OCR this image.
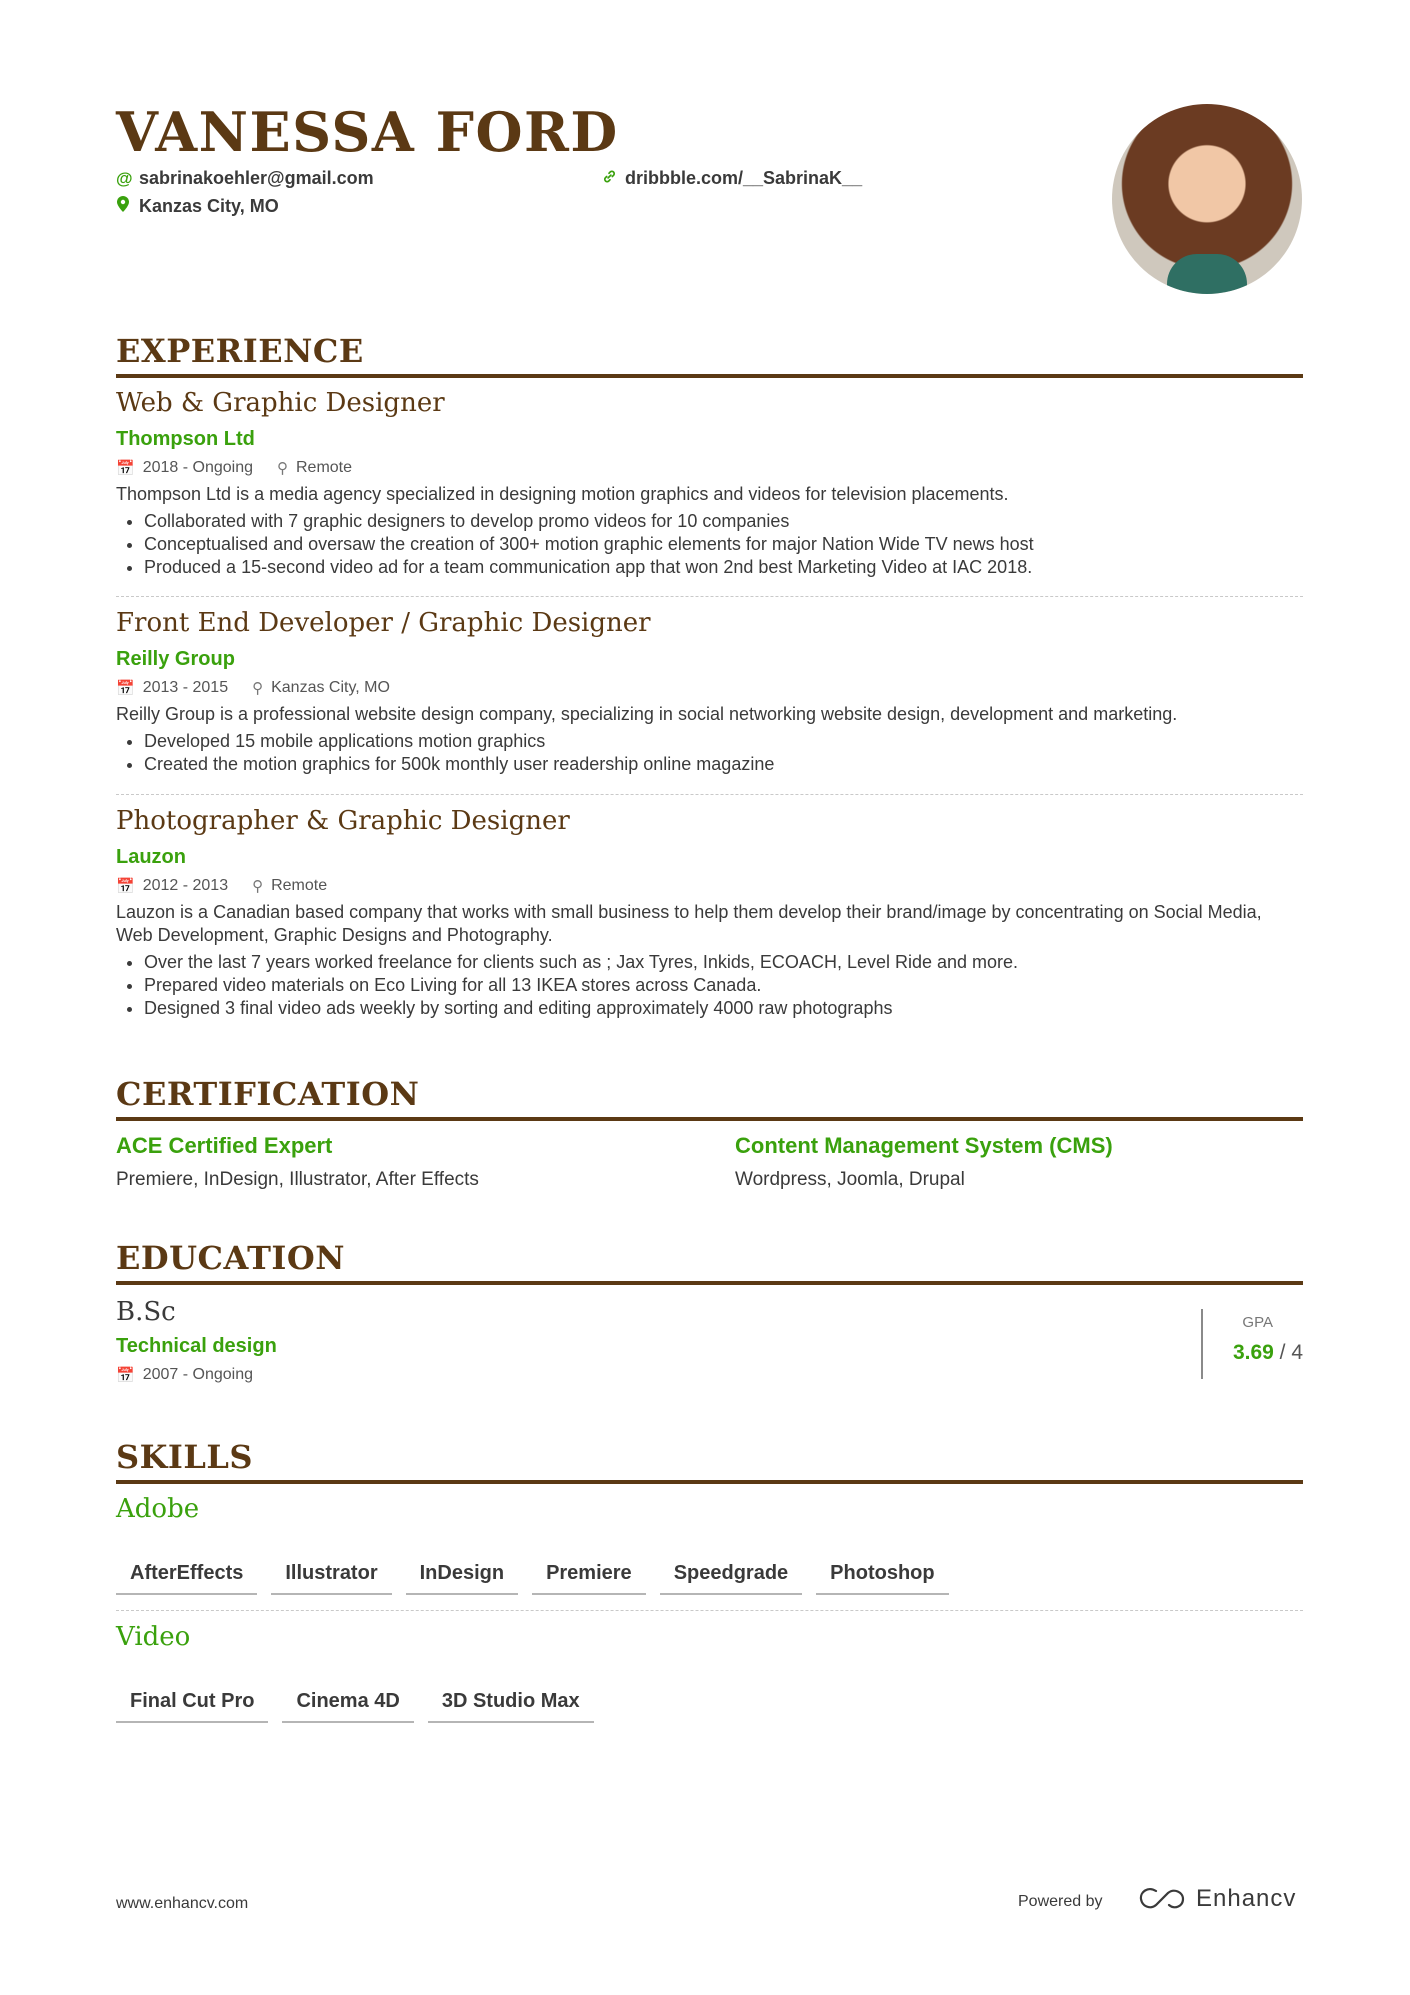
VANESSA FORD
@ sabrinakoehler@gmail.com	dribbble.com/__SabrinaK__
Kanzas City, MO
EXPERIENCE

Web & Graphic Designer

Thompson Ltd

📅 2018 - Ongoing ⚲ Remote

Thompson Ltd is a media agency specialized in designing motion graphics and videos for television placements.

• Collaborated with 7 graphic designers to develop promo videos for 10 companies
• Conceptualised and oversaw the creation of 300+ motion graphic elements for major Nation Wide TV news host
• Produced a 15-second video ad for a team communication app that won 2nd best Marketing Video at IAC 2018.

Front End Developer / Graphic Designer

Reilly Group

📅 2013 - 2015 ⚲ Kanzas City, MO

Reilly Group is a professional website design company, specializing in social networking website design, development and marketing.

• Developed 15 mobile applications motion graphics
• Created the motion graphics for 500k monthly user readership online magazine

Photographer & Graphic Designer

Lauzon

📅 2012 - 2013 ⚲ Remote

Lauzon is a Canadian based company that works with small business to help them develop their brand/image by concentrating on Social Media, Web Development, Graphic Designs and Photography.

• Over the last 7 years worked freelance for clients such as ; Jax Tyres, Inkids, ECOACH, Level Ride and more.
• Prepared video materials on Eco Living for all 13 IKEA stores across Canada.
• Designed 3 final video ads weekly by sorting and editing approximately 4000 raw photographs
CERTIFICATION

ACE Certified Expert

Premiere, InDesign, Illustrator, After Effects

Content Management System (CMS)

Wordpress, Joomla, Drupal

EDUCATION

B.Sc

Technical design

📅 2007 - Ongoing
GPA
3.69 / 4
SKILLS

Adobe

AfterEffects	Illustrator	InDesign	Premiere	Speedgrade	Photoshop

Video

Final Cut Pro	Cinema 4D	3D Studio Max
www.enhancv.com	Powered by	Enhancv
